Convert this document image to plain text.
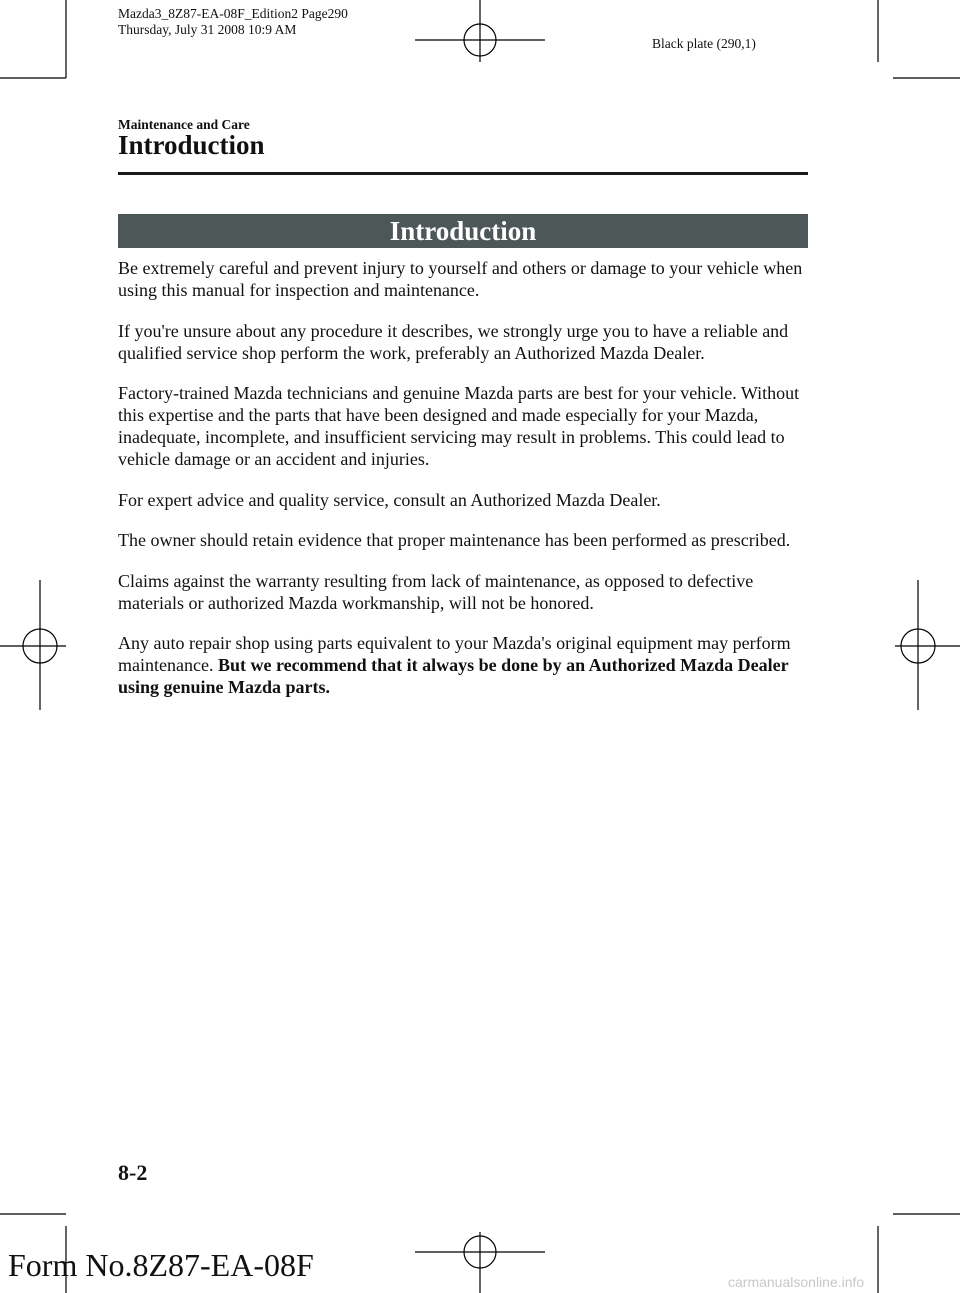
Mazda3_8Z87-EA-08F_Edition2 Page290
Thursday, July 31 2008 10:9 AM
Black plate (290,1)
Maintenance and Care
Introduction
Introduction

Be extremely careful and prevent injury to yourself and others or damage to your vehicle when using this manual for inspection and maintenance.

If you're unsure about any procedure it describes, we strongly urge you to have a reliable and qualified service shop perform the work, preferably an Authorized Mazda Dealer.

Factory-trained Mazda technicians and genuine Mazda parts are best for your vehicle. Without this expertise and the parts that have been designed and made especially for your Mazda, inadequate, incomplete, and insufficient servicing may result in problems. This could lead to vehicle damage or an accident and injuries.

For expert advice and quality service, consult an Authorized Mazda Dealer.

The owner should retain evidence that proper maintenance has been performed as prescribed.

Claims against the warranty resulting from lack of maintenance, as opposed to defective materials or authorized Mazda workmanship, will not be honored.

Any auto repair shop using parts equivalent to your Mazda's original equipment may perform maintenance. But we recommend that it always be done by an Authorized Mazda Dealer using genuine Mazda parts.

8-2
Form No.8Z87-EA-08F	carmanualsonline.info
